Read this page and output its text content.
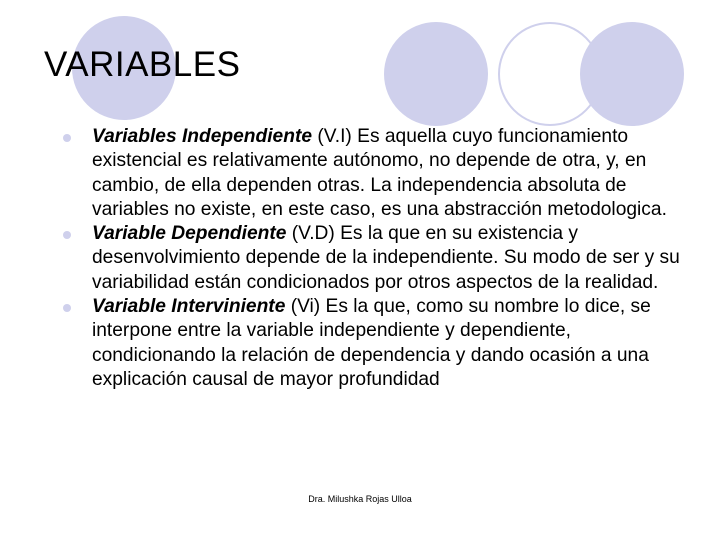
VARIABLES
Variables Independiente (V.I) Es aquella cuyo funcionamiento existencial es relativamente autónomo, no depende de otra, y, en cambio, de ella dependen otras. La independencia absoluta de variables no existe, en este caso, es una abstracción metodologica.
Variable Dependiente (V.D) Es la que en su existencia y desenvolvimiento depende de la independiente. Su modo de ser y su variabilidad están condicionados por otros aspectos de la realidad.
Variable Interviniente (Vi) Es la que, como su nombre lo dice, se interpone entre la variable independiente y dependiente, condicionando la relación de dependencia y dando ocasión a una explicación causal de mayor profundidad
Dra. Milushka Rojas Ulloa
